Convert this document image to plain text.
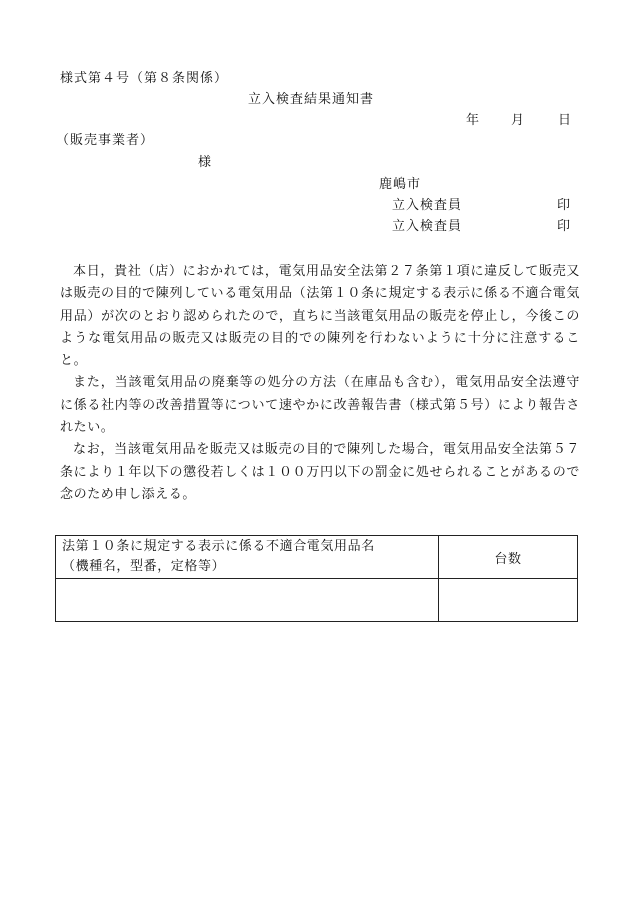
様式第４号（第８条関係）
立入検査結果通知書
年 月	日
（販売事業者）
様
鹿嶋市
立入検査員	印
立入検査員	印

本日，貴社（店）におかれては，電気用品安全法第２７条第１項に違反して販売又は販売の目的で陳列している電気用品（法第１０条に規定する表示に係る不適合電気用品）が次のとおり認められたので，直ちに当該電気用品の販売を停止し，今後このような電気用品の販売又は販売の目的での陳列を行わないように十分に注意すること。

また，当該電気用品の廃棄等の処分の方法（在庫品も含む），電気用品安全法遵守に係る社内等の改善措置等について速やかに改善報告書（様式第５号）により報告されたい。

なお，当該電気用品を販売又は販売の目的で陳列した場合，電気用品安全法第５７条により１年以下の懲役若しくは１００万円以下の罰金に処せられることがあるので念のため申し添える。

法第１０条に規定する表示に係る不適合電気用品名
（機種名，型番，定格等）	台数
